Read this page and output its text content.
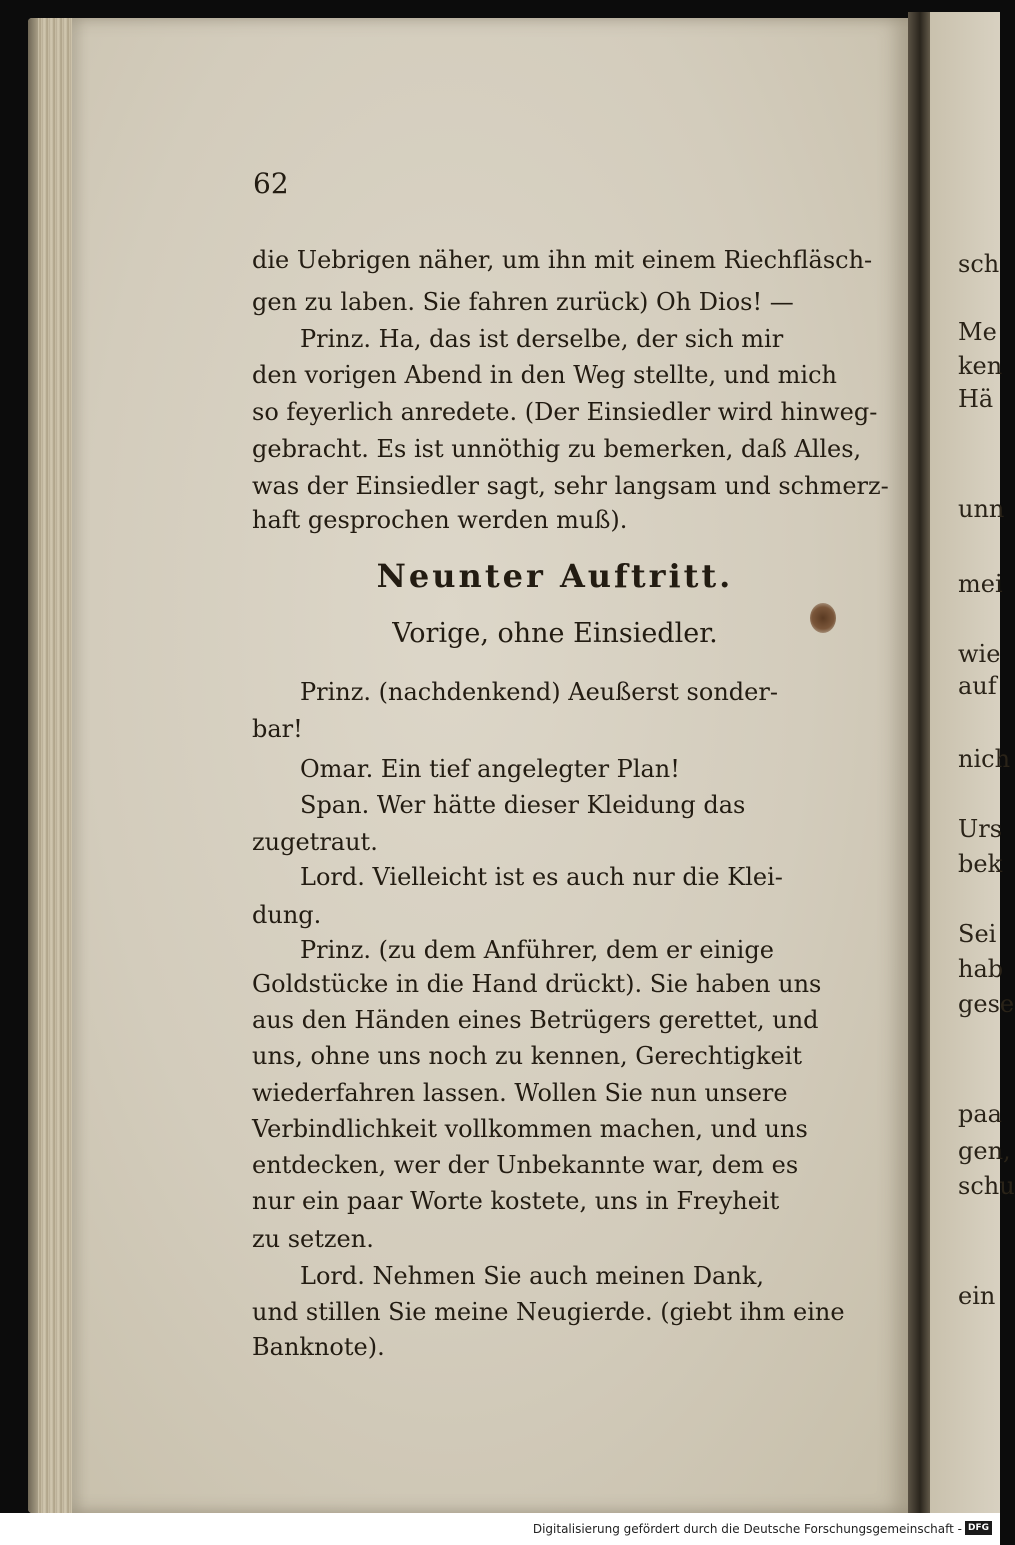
sch
Me
ken
Hä
unn
mei
wie
auf
nich
Urs
bek
Sei
hab
gese
paa
gen,
schu
ein
62
die Uebrigen näher, um ihn mit einem Riechfläsch-
gen zu laben. Sie fahren zurück) Oh Dios! —
Prinz. Ha, das ist derselbe, der sich mir
den vorigen Abend in den Weg stellte, und mich
so feyerlich anredete. (Der Einsiedler wird hinweg-
gebracht. Es ist unnöthig zu bemerken, daß Alles,
was der Einsiedler sagt, sehr langsam und schmerz-
haft gesprochen werden muß).
Prinz. (nachdenkend) Aeußerst sonder-
bar!
Omar. Ein tief angelegter Plan!
Span. Wer hätte dieser Kleidung das
zugetraut.
Lord. Vielleicht ist es auch nur die Klei-
dung.
Prinz. (zu dem Anführer, dem er einige
Goldstücke in die Hand drückt). Sie haben uns
aus den Händen eines Betrügers gerettet, und
uns, ohne uns noch zu kennen, Gerechtigkeit
wiederfahren lassen. Wollen Sie nun unsere
Verbindlichkeit vollkommen machen, und uns
entdecken, wer der Unbekannte war, dem es
nur ein paar Worte kostete, uns in Freyheit
zu setzen.
Lord. Nehmen Sie auch meinen Dank,
und stillen Sie meine Neugierde. (giebt ihm eine
Banknote).
Neunter Auftritt.
Vorige, ohne Einsiedler.
Digitalisierung gefördert durch die Deutsche Forschungsgemeinschaft - DFG
